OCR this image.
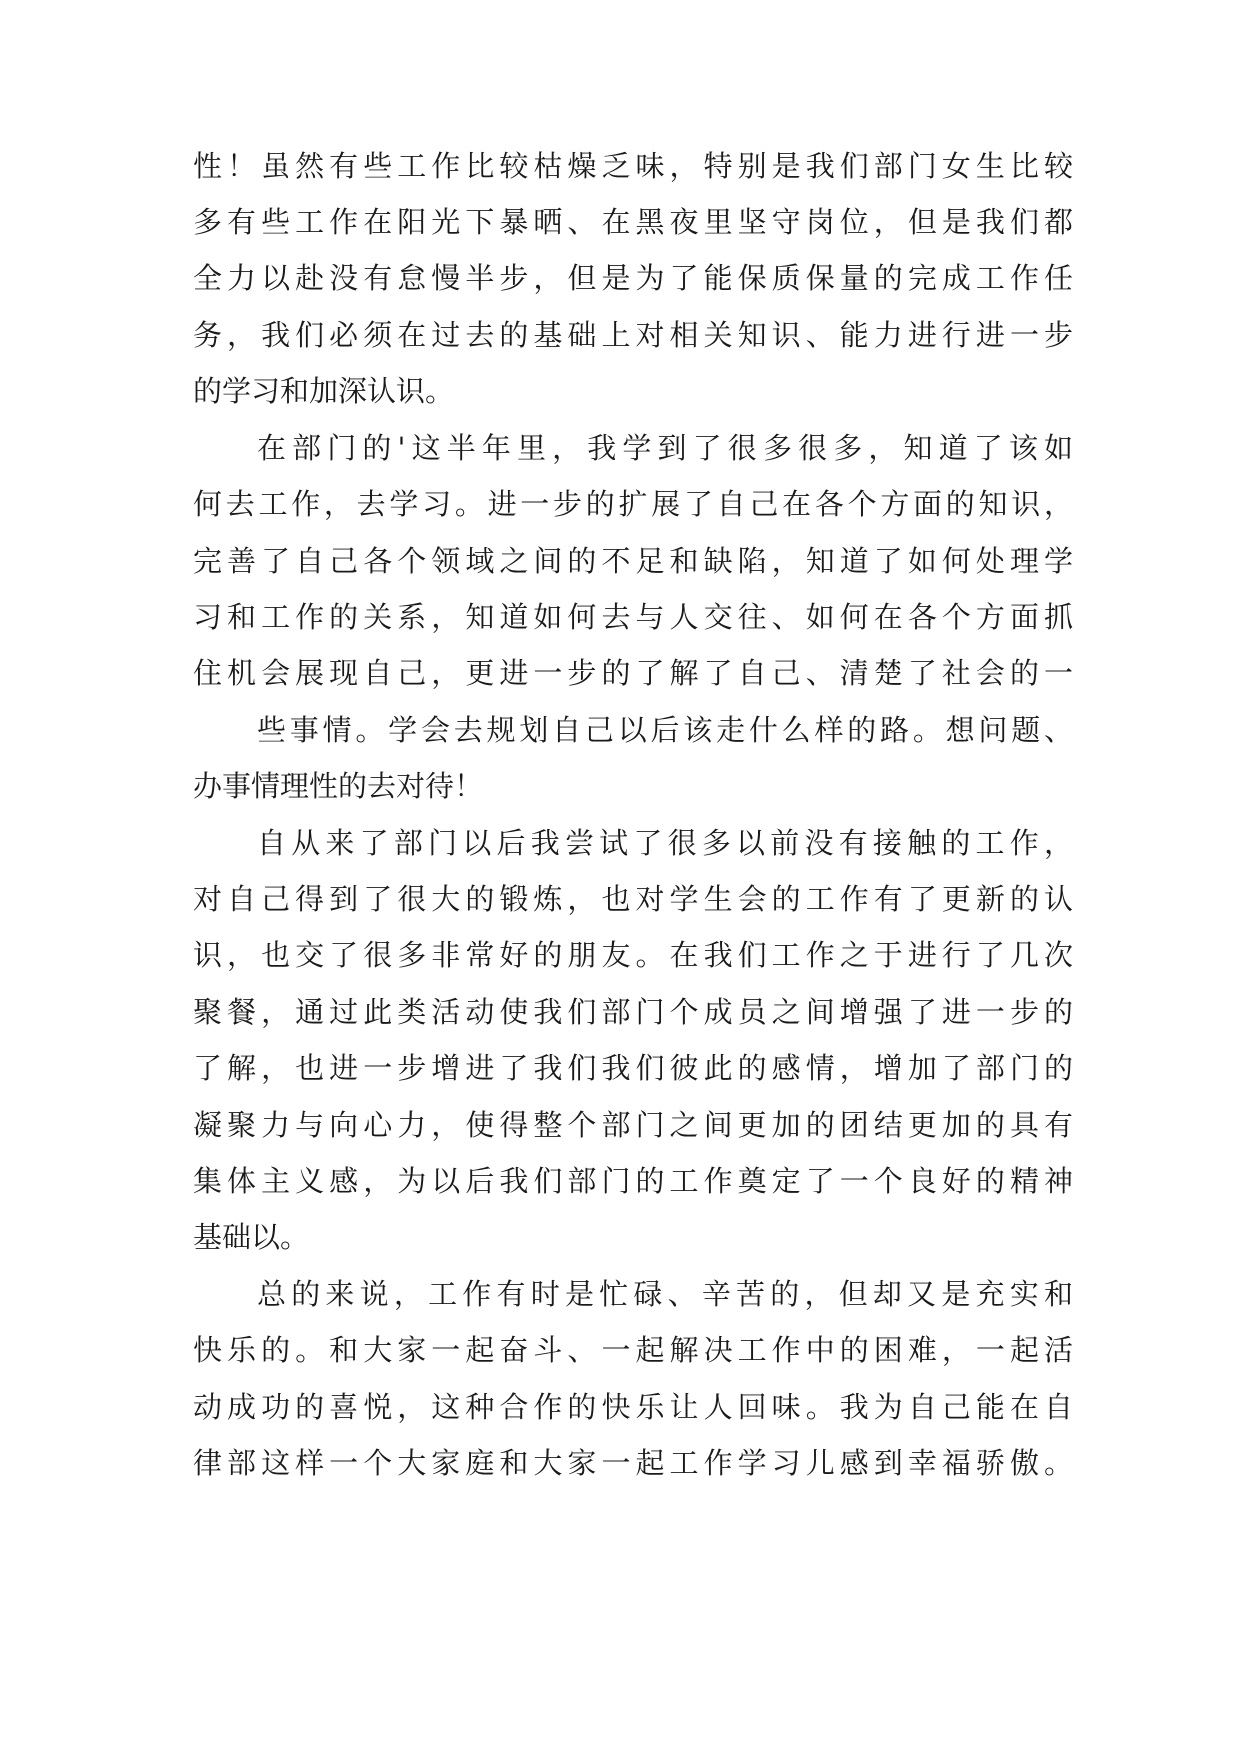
性！虽然有些工作比较枯燥乏味，特别是我们部门女生比较
多有些工作在阳光下暴晒、在黑夜里坚守岗位，但是我们都
全力以赴没有怠慢半步，但是为了能保质保量的完成工作任
务，我们必须在过去的基础上对相关知识、能力进行进一步
的学习和加深认识。
在部门的'这半年里，我学到了很多很多，知道了该如
何去工作，去学习。进一步的扩展了自己在各个方面的知识，
完善了自己各个领域之间的不足和缺陷，知道了如何处理学
习和工作的关系，知道如何去与人交往、如何在各个方面抓
住机会展现自己，更进一步的了解了自己、清楚了社会的一
些事情。学会去规划自己以后该走什么样的路。想问题、
办事情理性的去对待！
自从来了部门以后我尝试了很多以前没有接触的工作，
对自己得到了很大的锻炼，也对学生会的工作有了更新的认
识，也交了很多非常好的朋友。在我们工作之于进行了几次
聚餐，通过此类活动使我们部门个成员之间增强了进一步的
了解，也进一步增进了我们我们彼此的感情，增加了部门的
凝聚力与向心力，使得整个部门之间更加的团结更加的具有
集体主义感，为以后我们部门的工作奠定了一个良好的精神
基础以。
总的来说，工作有时是忙碌、辛苦的，但却又是充实和
快乐的。和大家一起奋斗、一起解决工作中的困难，一起活
动成功的喜悦，这种合作的快乐让人回味。我为自己能在自
律部这样一个大家庭和大家一起工作学习儿感到幸福骄傲。
